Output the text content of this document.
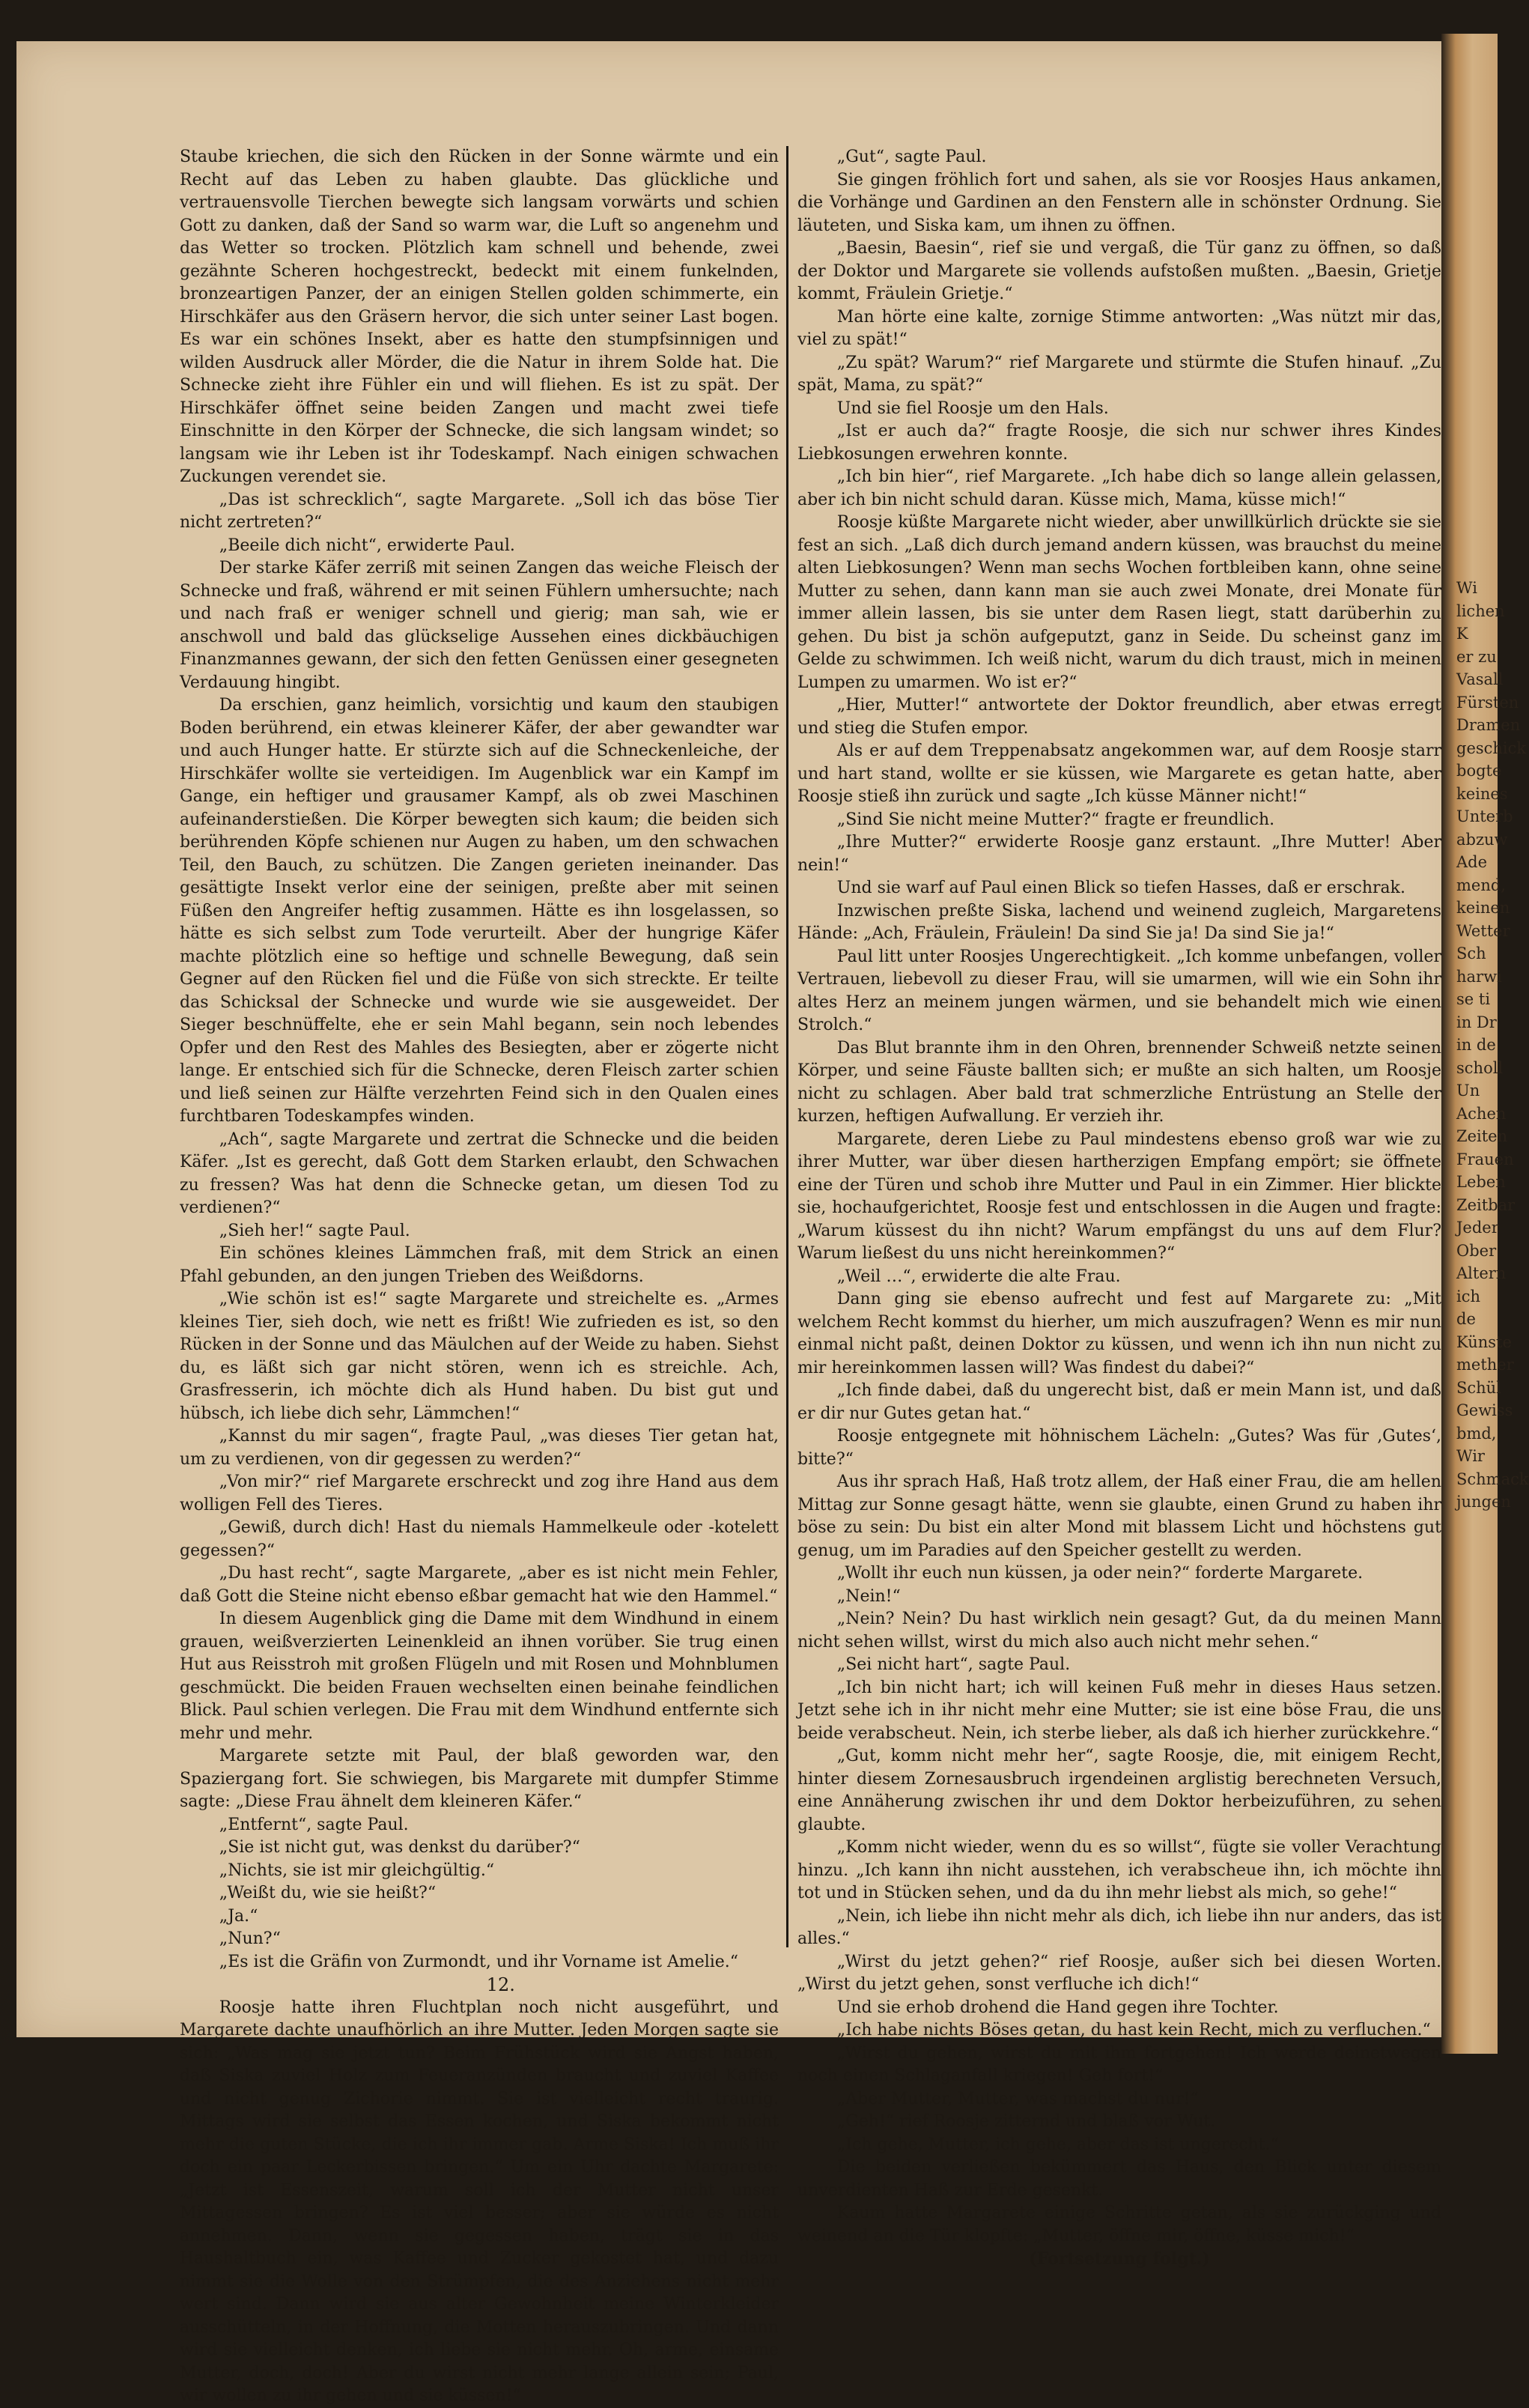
Staube kriechen, die sich den Rücken in der Sonne wärmte und ein Recht auf das Leben zu haben glaubte. Das glückliche und vertrauensvolle Tierchen bewegte sich langsam vorwärts und schien Gott zu danken, daß der Sand so warm war, die Luft so angenehm und das Wetter so trocken. Plötzlich kam schnell und behende, zwei gezähnte Scheren hochgestreckt, bedeckt mit einem funkelnden, bronzeartigen Panzer, der an einigen Stellen golden schimmerte, ein Hirschkäfer aus den Gräsern hervor, die sich unter seiner Last bogen. Es war ein schönes Insekt, aber es hatte den stumpfsinnigen und wilden Ausdruck aller Mörder, die die Natur in ihrem Solde hat. Die Schnecke zieht ihre Fühler ein und will fliehen. Es ist zu spät. Der Hirschkäfer öffnet seine beiden Zangen und macht zwei tiefe Einschnitte in den Körper der Schnecke, die sich langsam windet; so langsam wie ihr Leben ist ihr Todeskampf. Nach einigen schwachen Zuckungen verendet sie.

„Das ist schrecklich“, sagte Margarete. „Soll ich das böse Tier nicht zertreten?“

„Beeile dich nicht“, erwiderte Paul.

Der starke Käfer zerriß mit seinen Zangen das weiche Fleisch der Schnecke und fraß, während er mit seinen Fühlern umhersuchte; nach und nach fraß er weniger schnell und gierig; man sah, wie er anschwoll und bald das glückselige Aussehen eines dickbäuchigen Finanzmannes gewann, der sich den fetten Genüssen einer gesegneten Verdauung hingibt.

Da erschien, ganz heimlich, vorsichtig und kaum den staubigen Boden berührend, ein etwas kleinerer Käfer, der aber gewandter war und auch Hunger hatte. Er stürzte sich auf die Schneckenleiche, der Hirschkäfer wollte sie verteidigen. Im Augenblick war ein Kampf im Gange, ein heftiger und grausamer Kampf, als ob zwei Maschinen aufeinanderstießen. Die Körper bewegten sich kaum; die beiden sich berührenden Köpfe schienen nur Augen zu haben, um den schwachen Teil, den Bauch, zu schützen. Die Zangen gerieten ineinander. Das gesättigte Insekt verlor eine der seinigen, preßte aber mit seinen Füßen den Angreifer heftig zusammen. Hätte es ihn losgelassen, so hätte es sich selbst zum Tode verurteilt. Aber der hungrige Käfer machte plötzlich eine so heftige und schnelle Bewegung, daß sein Gegner auf den Rücken fiel und die Füße von sich streckte. Er teilte das Schicksal der Schnecke und wurde wie sie ausgeweidet. Der Sieger beschnüffelte, ehe er sein Mahl begann, sein noch lebendes Opfer und den Rest des Mahles des Besiegten, aber er zögerte nicht lange. Er entschied sich für die Schnecke, deren Fleisch zarter schien und ließ seinen zur Hälfte verzehrten Feind sich in den Qualen eines furchtbaren Todeskampfes winden.

„Ach“, sagte Margarete und zertrat die Schnecke und die beiden Käfer. „Ist es gerecht, daß Gott dem Starken erlaubt, den Schwachen zu fressen? Was hat denn die Schnecke getan, um diesen Tod zu verdienen?“

„Sieh her!“ sagte Paul.

Ein schönes kleines Lämmchen fraß, mit dem Strick an einen Pfahl gebunden, an den jungen Trieben des Weißdorns.

„Wie schön ist es!“ sagte Margarete und streichelte es. „Armes kleines Tier, sieh doch, wie nett es frißt! Wie zufrieden es ist, so den Rücken in der Sonne und das Mäulchen auf der Weide zu haben. Siehst du, es läßt sich gar nicht stören, wenn ich es streichle. Ach, Grasfresserin, ich möchte dich als Hund haben. Du bist gut und hübsch, ich liebe dich sehr, Lämmchen!“

„Kannst du mir sagen“, fragte Paul, „was dieses Tier getan hat, um zu verdienen, von dir gegessen zu werden?“

„Von mir?“ rief Margarete erschreckt und zog ihre Hand aus dem wolligen Fell des Tieres.

„Gewiß, durch dich! Hast du niemals Hammelkeule oder -kotelett gegessen?“

„Du hast recht“, sagte Margarete, „aber es ist nicht mein Fehler, daß Gott die Steine nicht ebenso eßbar gemacht hat wie den Hammel.“

In diesem Augenblick ging die Dame mit dem Windhund in einem grauen, weißverzierten Leinenkleid an ihnen vorüber. Sie trug einen Hut aus Reisstroh mit großen Flügeln und mit Rosen und Mohnblumen geschmückt. Die beiden Frauen wechselten einen beinahe feindlichen Blick. Paul schien verlegen. Die Frau mit dem Windhund entfernte sich mehr und mehr.

Margarete setzte mit Paul, der blaß geworden war, den Spaziergang fort. Sie schwiegen, bis Margarete mit dumpfer Stimme sagte: „Diese Frau ähnelt dem kleineren Käfer.“

„Entfernt“, sagte Paul.

„Sie ist nicht gut, was denkst du darüber?“

„Nichts, sie ist mir gleichgültig.“

„Weißt du, wie sie heißt?“

„Ja.“

„Nun?“

„Es ist die Gräfin von Zurmondt, und ihr Vorname ist Amelie.“

12.

Roosje hatte ihren Fluchtplan noch nicht ausgeführt, und Margarete dachte unaufhörlich an ihre Mutter. Jeden Morgen sagte sie sich: „Was mag sie jetzt tun? Beim Frühstück wird sie Angst haben, daß Siska zuviel Holz zum Feueranzünden braucht und zuviel Kaffee und nicht genug Zichorie nimmt. Sie ist vielleicht recht traurig. Mittags wird sie selbst das Essen kochen, und Siska bekommt nicht mehr die guten Stücke, die ich ihr immer gab. Arme Siska! Ich muß ihr doch ein paar Leckerbissen bringen.“ Um ein Uhr dachte Margarete: „Jetzt ist Essenszeit, warum soll ich der Mutter nicht unser Mittagessen bringen? Es ist viel besser; aber sie würde es nicht annehmen. Dann, wenn sie gegessen haben, trägt sie in das Haushaltbuch ein, was Kaffee und Zucker gekostet hat, und dazu nimmt sie die Wolle von den Strümpfen, die des Anziehens nicht mehr wert sind. Dann wird sie aus alter Gewohnheit meine Winterkleider ausschütteln, in der Hoffnung, die Motten herauszubringen. Und dann wird sie vielleicht denken, ich liebe sie nicht mehr. Oh, arme, einsame Mutter, doch, doch! Aber du wirst nicht mehr lange allein sein; Paul, wir wollen zu ihr gehen und sie küssen!“

„Gut“, sagte Paul.

Sie gingen fröhlich fort und sahen, als sie vor Roosjes Haus ankamen, die Vorhänge und Gardinen an den Fenstern alle in schönster Ordnung. Sie läuteten, und Siska kam, um ihnen zu öffnen.

„Baesin, Baesin“, rief sie und vergaß, die Tür ganz zu öffnen, so daß der Doktor und Margarete sie vollends aufstoßen mußten. „Baesin, Grietje kommt, Fräulein Grietje.“

Man hörte eine kalte, zornige Stimme antworten: „Was nützt mir das, viel zu spät!“

„Zu spät? Warum?“ rief Margarete und stürmte die Stufen hinauf. „Zu spät, Mama, zu spät?“

Und sie fiel Roosje um den Hals.

„Ist er auch da?“ fragte Roosje, die sich nur schwer ihres Kindes Liebkosungen erwehren konnte.

„Ich bin hier“, rief Margarete. „Ich habe dich so lange allein gelassen, aber ich bin nicht schuld daran. Küsse mich, Mama, küsse mich!“

Roosje küßte Margarete nicht wieder, aber unwillkürlich drückte sie sie fest an sich. „Laß dich durch jemand andern küssen, was brauchst du meine alten Liebkosungen? Wenn man sechs Wochen fortbleiben kann, ohne seine Mutter zu sehen, dann kann man sie auch zwei Monate, drei Monate für immer allein lassen, bis sie unter dem Rasen liegt, statt darüberhin zu gehen. Du bist ja schön aufgeputzt, ganz in Seide. Du scheinst ganz im Gelde zu schwimmen. Ich weiß nicht, warum du dich traust, mich in meinen Lumpen zu umarmen. Wo ist er?“

„Hier, Mutter!“ antwortete der Doktor freundlich, aber etwas erregt und stieg die Stufen empor.

Als er auf dem Treppenabsatz angekommen war, auf dem Roosje starr und hart stand, wollte er sie küssen, wie Margarete es getan hatte, aber Roosje stieß ihn zurück und sagte „Ich küsse Männer nicht!“

„Sind Sie nicht meine Mutter?“ fragte er freundlich.

„Ihre Mutter?“ erwiderte Roosje ganz erstaunt. „Ihre Mutter! Aber nein!“

Und sie warf auf Paul einen Blick so tiefen Hasses, daß er erschrak.

Inzwischen preßte Siska, lachend und weinend zugleich, Margaretens Hände: „Ach, Fräulein, Fräulein! Da sind Sie ja! Da sind Sie ja!“

Paul litt unter Roosjes Ungerechtigkeit. „Ich komme unbefangen, voller Vertrauen, liebevoll zu dieser Frau, will sie umarmen, will wie ein Sohn ihr altes Herz an meinem jungen wärmen, und sie behandelt mich wie einen Strolch.“

Das Blut brannte ihm in den Ohren, brennender Schweiß netzte seinen Körper, und seine Fäuste ballten sich; er mußte an sich halten, um Roosje nicht zu schlagen. Aber bald trat schmerzliche Entrüstung an Stelle der kurzen, heftigen Aufwallung. Er verzieh ihr.

Margarete, deren Liebe zu Paul mindestens ebenso groß war wie zu ihrer Mutter, war über diesen hartherzigen Empfang empört; sie öffnete eine der Türen und schob ihre Mutter und Paul in ein Zimmer. Hier blickte sie, hochaufgerichtet, Roosje fest und entschlossen in die Augen und fragte: „Warum küssest du ihn nicht? Warum empfängst du uns auf dem Flur? Warum ließest du uns nicht hereinkommen?“

„Weil …“, erwiderte die alte Frau.

Dann ging sie ebenso aufrecht und fest auf Margarete zu: „Mit welchem Recht kommst du hierher, um mich auszufragen? Wenn es mir nun einmal nicht paßt, deinen Doktor zu küssen, und wenn ich ihn nun nicht zu mir hereinkommen lassen will? Was findest du dabei?“

„Ich finde dabei, daß du ungerecht bist, daß er mein Mann ist, und daß er dir nur Gutes getan hat.“

Roosje entgegnete mit höhnischem Lächeln: „Gutes? Was für ‚Gutes‘, bitte?“

Aus ihr sprach Haß, Haß trotz allem, der Haß einer Frau, die am hellen Mittag zur Sonne gesagt hätte, wenn sie glaubte, einen Grund zu haben ihr böse zu sein: Du bist ein alter Mond mit blassem Licht und höchstens gut genug, um im Paradies auf den Speicher gestellt zu werden.

„Wollt ihr euch nun küssen, ja oder nein?“ forderte Margarete.

„Nein!“

„Nein? Nein? Du hast wirklich nein gesagt? Gut, da du meinen Mann nicht sehen willst, wirst du mich also auch nicht mehr sehen.“

„Sei nicht hart“, sagte Paul.

„Ich bin nicht hart; ich will keinen Fuß mehr in dieses Haus setzen. Jetzt sehe ich in ihr nicht mehr eine Mutter; sie ist eine böse Frau, die uns beide verabscheut. Nein, ich sterbe lieber, als daß ich hierher zurückkehre.“

„Gut, komm nicht mehr her“, sagte Roosje, die, mit einigem Recht, hinter diesem Zornesausbruch irgendeinen arglistig berechneten Versuch, eine Annäherung zwischen ihr und dem Doktor herbeizuführen, zu sehen glaubte.

„Komm nicht wieder, wenn du es so willst“, fügte sie voller Verachtung hinzu. „Ich kann ihn nicht ausstehen, ich verabscheue ihn, ich möchte ihn tot und in Stücken sehen, und da du ihn mehr liebst als mich, so gehe!“

„Nein, ich liebe ihn nicht mehr als dich, ich liebe ihn nur anders, das ist alles.“

„Wirst du jetzt gehen?“ rief Roosje, außer sich bei diesen Worten. „Wirst du jetzt gehen, sonst verfluche ich dich!“

Und sie erhob drohend die Hand gegen ihre Tochter.

„Ich habe nichts Böses getan, du hast kein Recht, mich zu verfluchen.“

„Wirst du gehen, wirst du mit ihm fortgehen! Ich werde deinetwegen noch einen Schlaganfall kriegen! Geh fort!“

„Aber Mutter, Mutter, was machst du nur!“

„Geh!“ rief Roosje zitternd und blaß vor Wut.

„Ich gehe, Mutter, ich gehe, aber das ist ungerecht.“

Die beiden verließen bekümmert das Haus, den Blick unter diesem unverdienten Haß zur Erde gesenkt.

Kaum hatte Margarete einige Schritte getan, als sie zurückging und weinend an die Tür klopfte: „Mutter, öffne mir, öffne, küsse mich!“

(Fortsetzung folgt.)

Wi
lichen K
er zu
Vasall
Fürsten
Dramen
geschick
bogte
keines
Unterb
abzuw
Ade
mend,
keinen
Wetter
Sch
harwi
se ti
in Dr
in de
scholl
Un
Achen
Zeiten
Frauen
Leben
Zeitbar
Jeder
Ober
Altern
ich de
Künste
mether
Schül
Gewiss
bmd,
Wir
Schmack
jungen
